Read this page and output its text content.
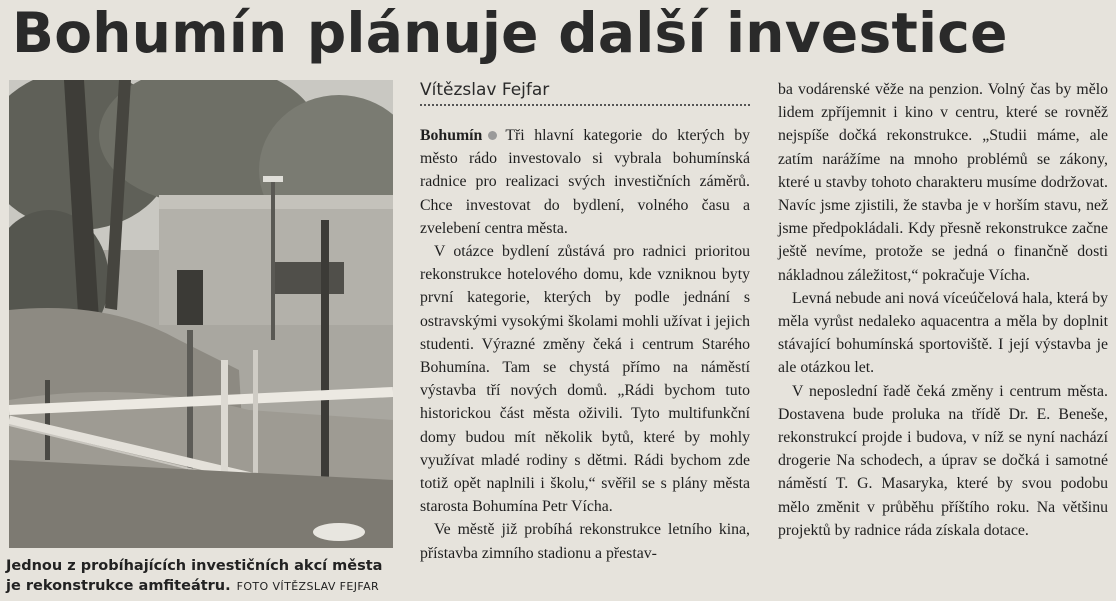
Bohumín plánuje další investice
Jednou z probíhajících investičních akcí města je rekonstrukce amfiteátru. FOTO VÍTĚZSLAV FEJFAR
Vítězslav Fejfar

Bohumín Tři hlavní kategorie do kterých by město rádo investovalo si vybrala bohumínská radnice pro realizaci svých investičních záměrů. Chce investovat do bydlení, volného času a zvelebení centra města.

V otázce bydlení zůstává pro radnici prioritou rekonstrukce hotelového domu, kde vzniknou byty první kategorie, kterých by podle jednání s ostravskými vysokými školami mohli užívat i jejich studenti. Výrazné změny čeká i centrum Starého Bohumína. Tam se chystá přímo na náměstí výstavba tří nových domů. „Rádi bychom tuto historickou část města oživili. Tyto multifunkční domy budou mít několik bytů, které by mohly využívat mladé rodiny s dětmi. Rádi bychom zde totiž opět naplnili i školu,“ svěřil se s plány města starosta Bohumína Petr Vícha.

Ve městě již probíhá rekonstrukce letního kina, přístavba zimního stadionu a přestav-

ba vodárenské věže na penzion. Volný čas by mělo lidem zpříjemnit i kino v centru, které se rovněž nejspíše dočká rekonstrukce. „Studii máme, ale zatím narážíme na mnoho problémů se zákony, které u stavby tohoto charakteru musíme dodržovat. Navíc jsme zjistili, že stavba je v horším stavu, než jsme předpokládali. Kdy přesně rekonstrukce začne ještě nevíme, protože se jedná o finančně dosti nákladnou záležitost,“ pokračuje Vícha.

Levná nebude ani nová víceúčelová hala, která by měla vyrůst nedaleko aquacentra a měla by doplnit stávající bohumínská sportoviště. I její výstavba je ale otázkou let.

V neposlední řadě čeká změny i centrum města. Dostavena bude proluka na třídě Dr. E. Beneše, rekonstrukcí projde i budova, v níž se nyní nachází drogerie Na schodech, a úprav se dočká i samotné náměstí T. G. Masaryka, které by svou podobu mělo změnit v průběhu příštího roku. Na většinu projektů by radnice ráda získala dotace.
